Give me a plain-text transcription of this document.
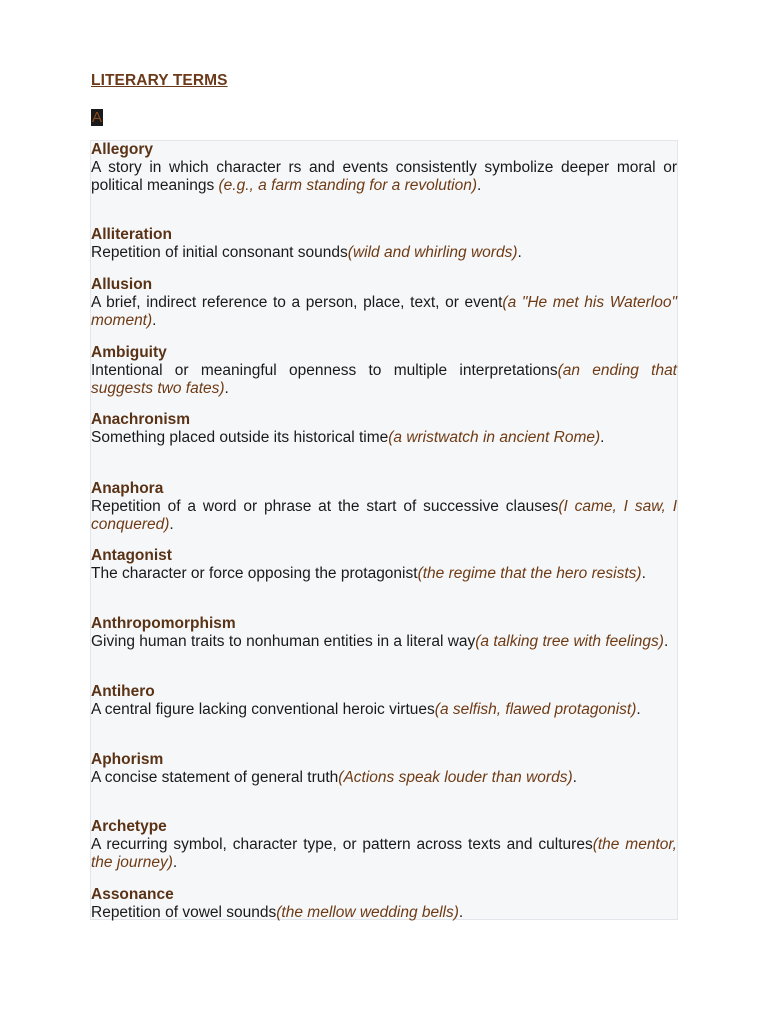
LITERARY TERMS
A
Allegory
A story in which character rs and events consistently symbolize deeper moral or political meanings (e.g., a farm standing for a revolution).
Alliteration
Repetition of initial consonant sounds(wild and whirling words).
Allusion
A brief, indirect reference to a person, place, text, or event(a "He met his Waterloo" moment).
Ambiguity
Intentional or meaningful openness to multiple interpretations(an ending that suggests two fates).
Anachronism
Something placed outside its historical time(a wristwatch in ancient Rome).
Anaphora
Repetition of a word or phrase at the start of successive clauses(I came, I saw, I conquered).
Antagonist
The character or force opposing the protagonist(the regime that the hero resists).
Anthropomorphism
Giving human traits to nonhuman entities in a literal way(a talking tree with feelings).
Antihero
A central figure lacking conventional heroic virtues(a selfish, flawed protagonist).
Aphorism
A concise statement of general truth(Actions speak louder than words).
Archetype
A recurring symbol, character type, or pattern across texts and cultures(the mentor, the journey).
Assonance
Repetition of vowel sounds(the mellow wedding bells).
